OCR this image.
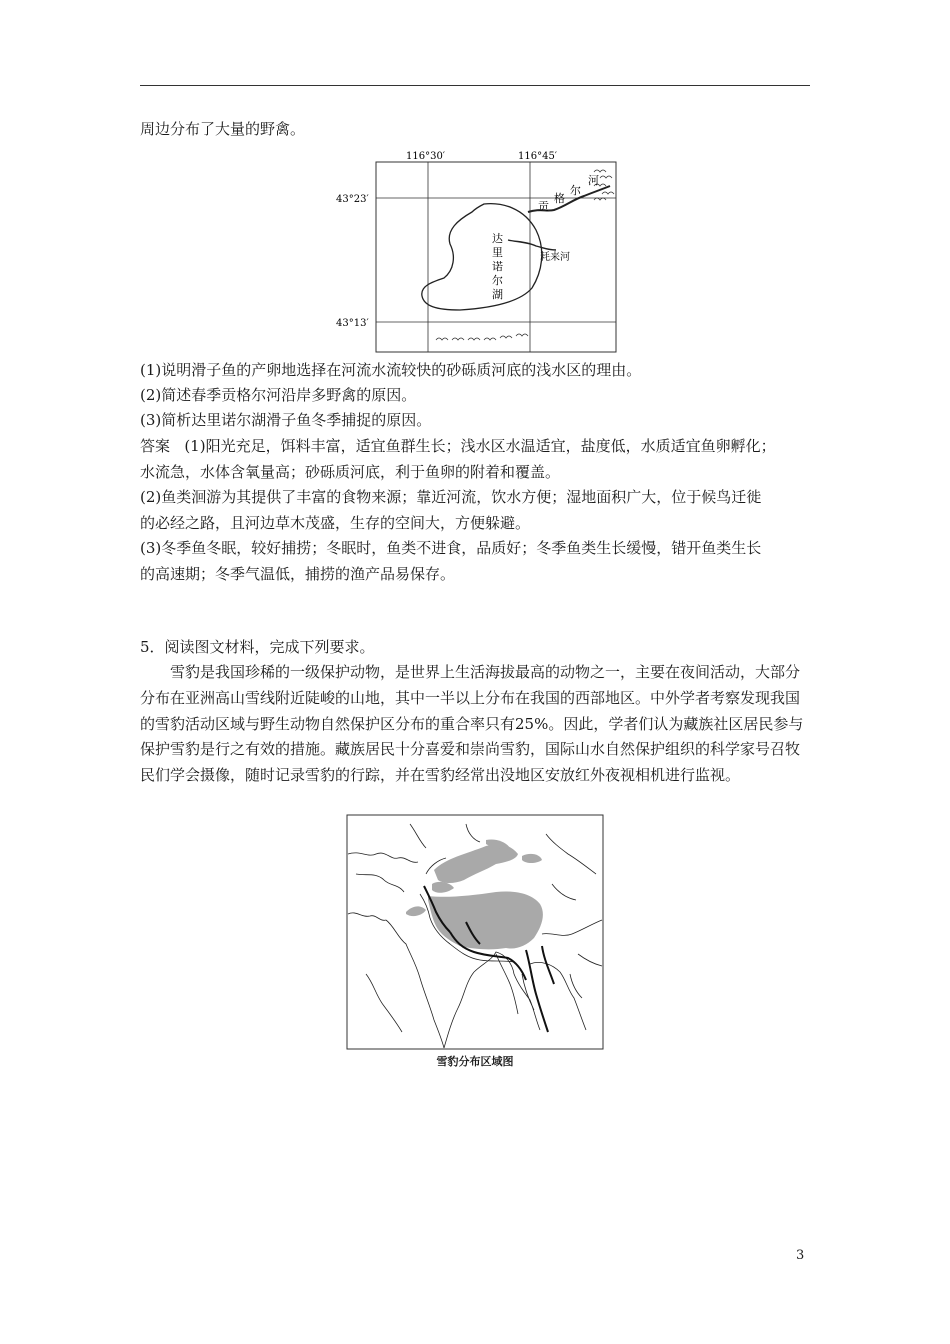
周边分布了大量的野禽。

116°30′	116°45′
43°23′
43°13′
贡
格
尔
河
耗来河
达
里
诺
尔
湖

(1)说明滑子鱼的产卵地选择在河流水流较快的砂砾质河底的浅水区的理由。

(2)简述春季贡格尔河沿岸多野禽的原因。

(3)简析达里诺尔湖滑子鱼冬季捕捉的原因。

答案 (1)阳光充足，饵料丰富，适宜鱼群生长；浅水区水温适宜，盐度低，水质适宜鱼卵孵化；

水流急，水体含氧量高；砂砾质河底，利于鱼卵的附着和覆盖。

(2)鱼类洄游为其提供了丰富的食物来源；靠近河流，饮水方便；湿地面积广大，位于候鸟迁徙

的必经之路，且河边草木茂盛，生存的空间大，方便躲避。

(3)冬季鱼冬眠，较好捕捞；冬眠时，鱼类不进食，品质好；冬季鱼类生长缓慢，错开鱼类生长

的高速期；冬季气温低，捕捞的渔产品易保存。

5．阅读图文材料，完成下列要求。

雪豹是我国珍稀的一级保护动物，是世界上生活海拔最高的动物之一，主要在夜间活动，大部分分布在亚洲高山雪线附近陡峻的山地，其中一半以上分布在我国的西部地区。中外学者考察发现我国的雪豹活动区域与野生动物自然保护区分布的重合率只有25%。因此，学者们认为藏族社区居民参与保护雪豹是行之有效的措施。藏族居民十分喜爱和崇尚雪豹，国际山水自然保护组织的科学家号召牧民们学会摄像，随时记录雪豹的行踪，并在雪豹经常出没地区安放红外夜视相机进行监视。

雪豹分布区域图
3
